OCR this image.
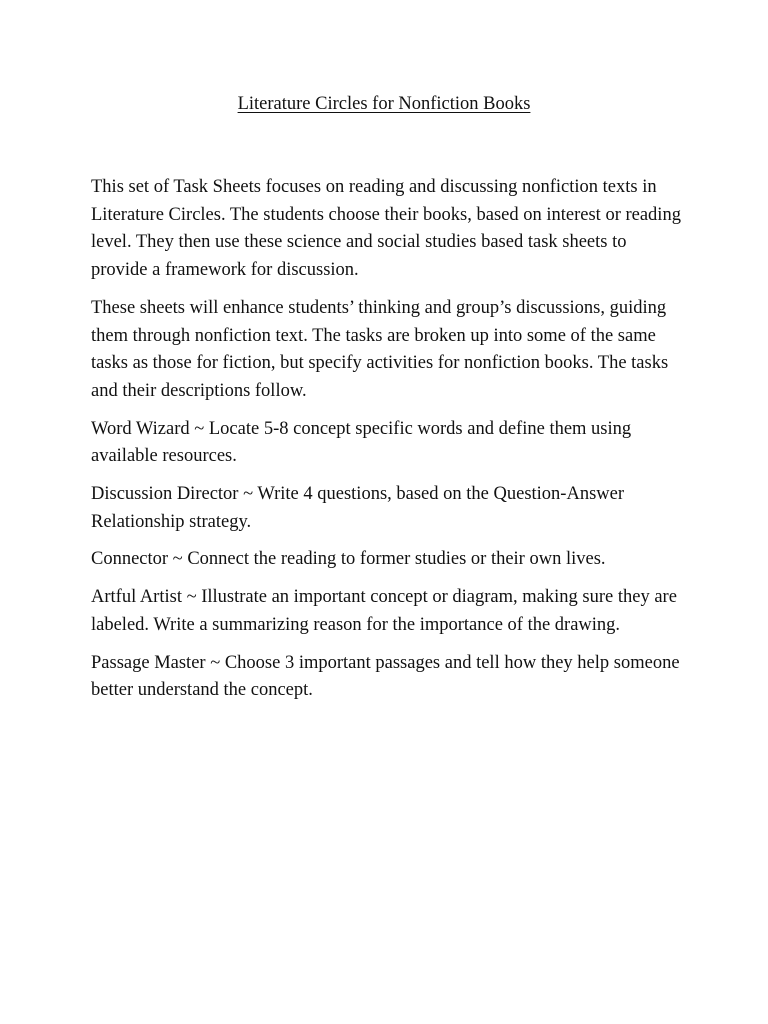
Literature Circles for Nonfiction Books

This set of Task Sheets focuses on reading and discussing nonfiction texts in Literature Circles. The students choose their books, based on interest or reading level. They then use these science and social studies based task sheets to provide a framework for discussion.

These sheets will enhance students’ thinking and group’s discussions, guiding them through nonfiction text. The tasks are broken up into some of the same tasks as those for fiction, but specify activities for nonfiction books. The tasks and their descriptions follow.

Word Wizard ~ Locate 5-8 concept specific words and define them using available resources.

Discussion Director ~ Write 4 questions, based on the Question-Answer Relationship strategy.

Connector ~ Connect the reading to former studies or their own lives.

Artful Artist ~ Illustrate an important concept or diagram, making sure they are labeled. Write a summarizing reason for the importance of the drawing.

Passage Master ~ Choose 3 important passages and tell how they help someone better understand the concept.
